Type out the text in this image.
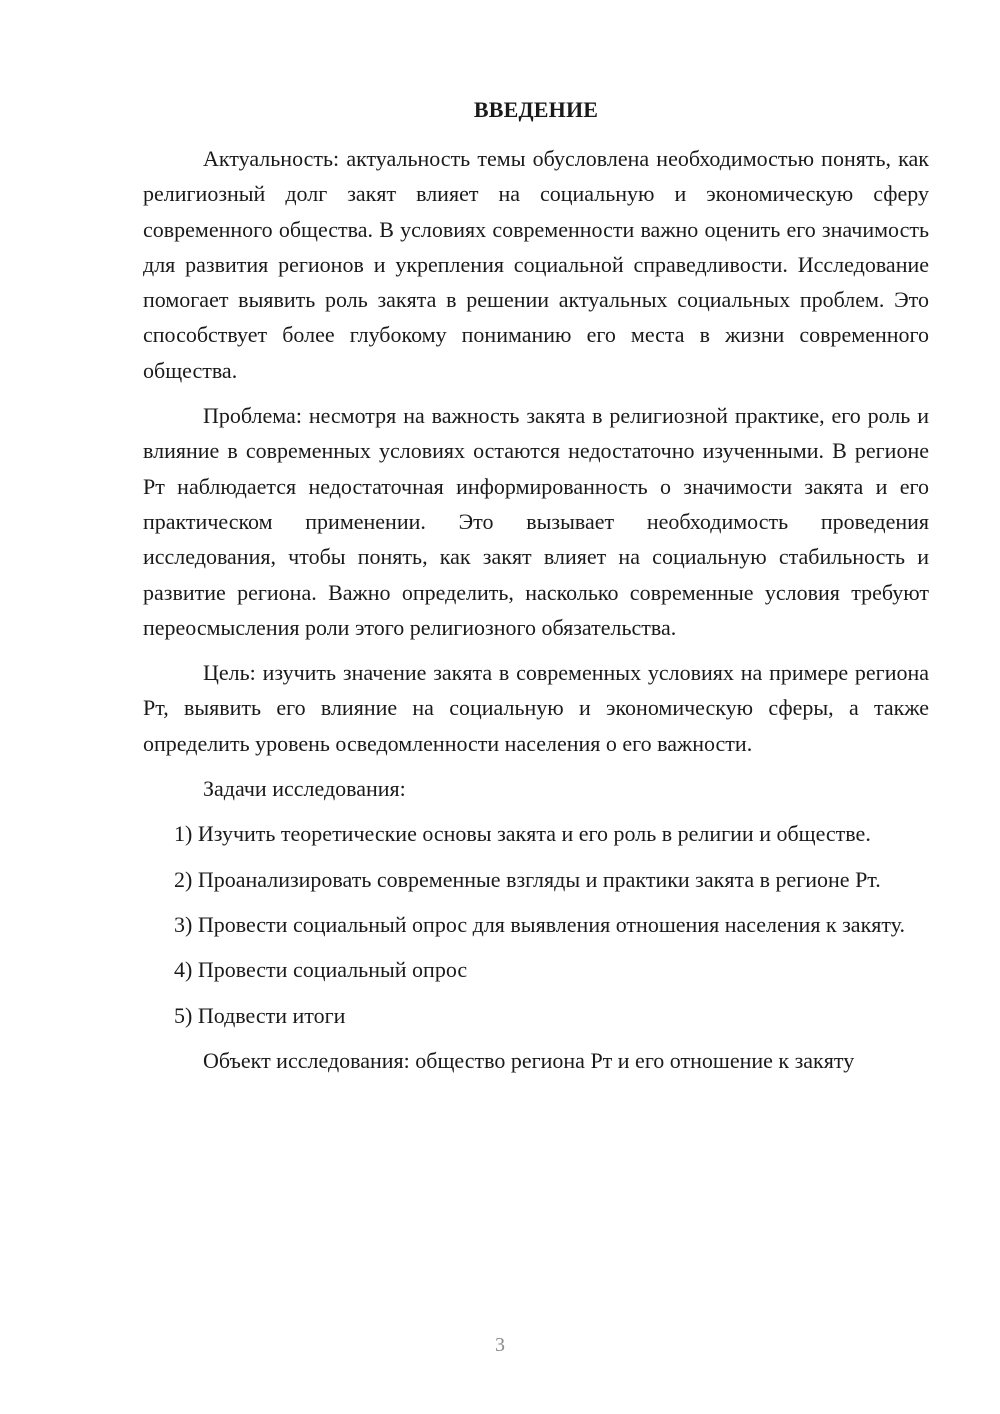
ВВЕДЕНИЕ

Актуальность: актуальность темы обусловлена необходимостью понять, как религиозный долг закят влияет на социальную и экономическую сферу современного общества. В условиях современности важно оценить его значимость для развития регионов и укрепления социальной справедливости. Исследование помогает выявить роль закята в решении актуальных социальных проблем. Это способствует более глубокому пониманию его места в жизни современного общества.

Проблема: несмотря на важность закята в религиозной практике, его роль и влияние в современных условиях остаются недостаточно изученными. В регионе Рт наблюдается недостаточная информированность о значимости закята и его практическом применении. Это вызывает необходимость проведения исследования, чтобы понять, как закят влияет на социальную стабильность и развитие региона. Важно определить, насколько современные условия требуют переосмысления роли этого религиозного обязательства.

Цель: изучить значение закята в современных условиях на примере региона Рт, выявить его влияние на социальную и экономическую сферы, а также определить уровень осведомленности населения о его важности.

Задачи исследования:

1) Изучить теоретические основы закята и его роль в религии и обществе.

2) Проанализировать современные взгляды и практики закята в регионе Рт.

3) Провести социальный опрос для выявления отношения населения к закяту.

4) Провести социальный опрос

5) Подвести итоги

Объект исследования: общество региона Рт и его отношение к закяту

3
